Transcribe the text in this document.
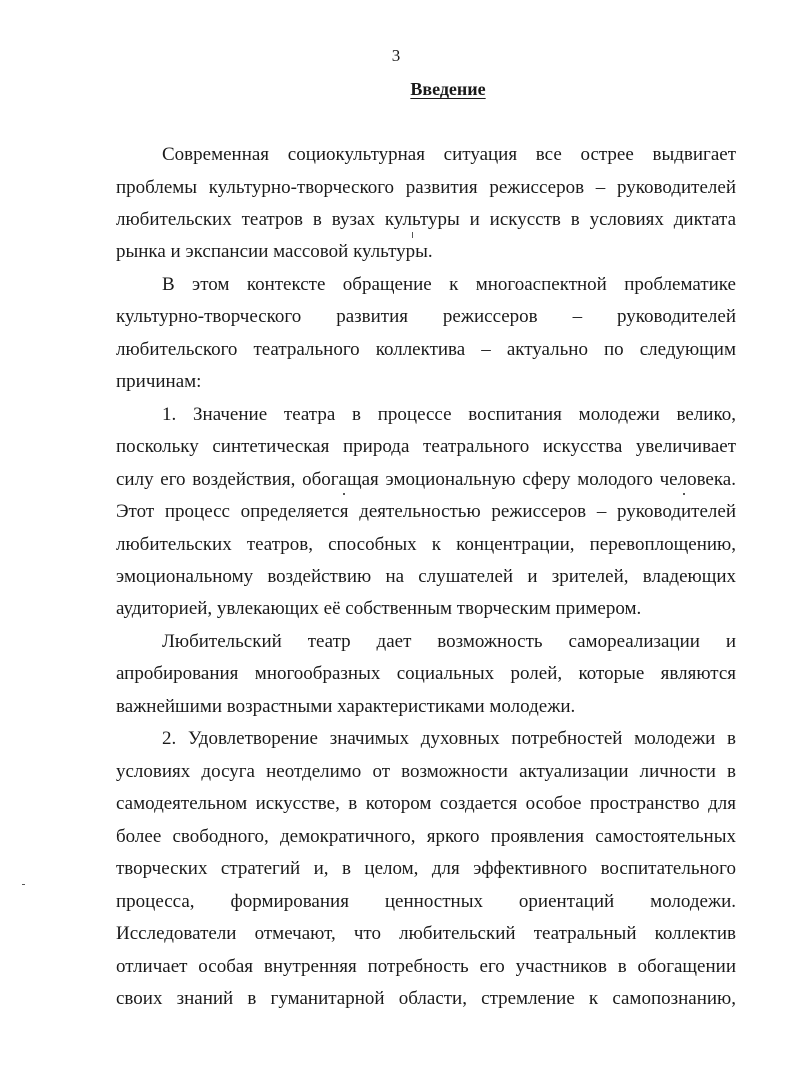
3
Введение
Современная социокультурная ситуация все острее выдвигает
проблемы культурно-творческого развития режиссеров – руководителей
любительских театров в вузах культуры и искусств в условиях диктата
рынка и экспансии массовой культуры.
В этом контексте обращение к многоаспектной проблематике
культурно-творческого развития режиссеров – руководителей
любительского театрального коллектива – актуально по следующим
причинам:
1. Значение театра в процессе воспитания молодежи велико,
поскольку синтетическая природа театрального искусства увеличивает
силу его воздействия, обогащая эмоциональную сферу молодого человека.
Этот процесс определяется деятельностью режиссеров – руководителей
любительских театров, способных к концентрации, перевоплощению,
эмоциональному воздействию на слушателей и зрителей, владеющих
аудиторией, увлекающих её собственным творческим примером.
Любительский театр дает возможность самореализации и
апробирования многообразных социальных ролей, которые являются
важнейшими возрастными характеристиками молодежи.
2. Удовлетворение значимых духовных потребностей молодежи в
условиях досуга неотделимо от возможности актуализации личности в
самодеятельном искусстве, в котором создается особое пространство для
более свободного, демократичного, яркого проявления самостоятельных
творческих стратегий и, в целом, для эффективного воспитательного
процесса, формирования ценностных ориентаций молодежи.
Исследователи отмечают, что любительский театральный коллектив
отличает особая внутренняя потребность его участников в обогащении
своих знаний в гуманитарной области, стремление к самопознанию,
